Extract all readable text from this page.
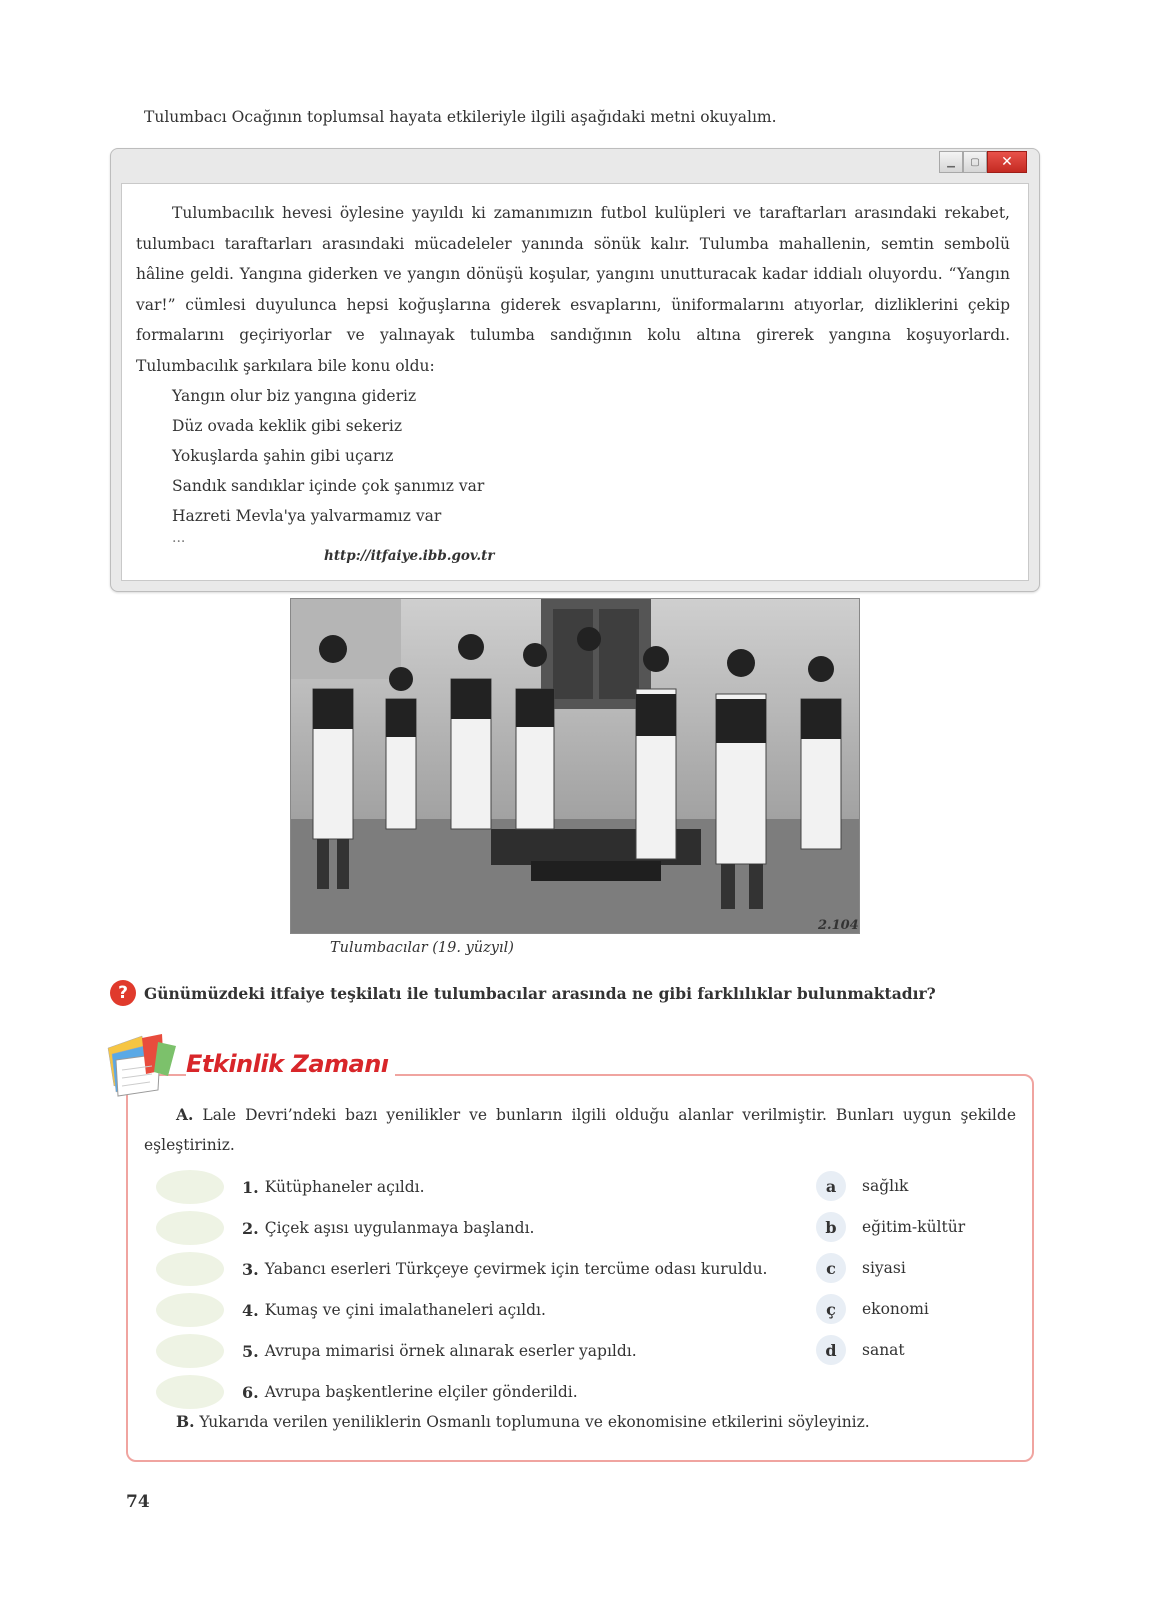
Tulumbacı Ocağının toplumsal hayata etkileriyle ilgili aşağıdaki metni okuyalım.
▁	▢	✕

Tulumbacılık hevesi öylesine yayıldı ki zamanımızın futbol kulüpleri ve taraftarları arasındaki rekabet, tulumbacı taraftarları arasındaki mücadeleler yanında sönük kalır. Tulumba mahallenin, semtin sembolü hâline geldi. Yangına giderken ve yangın dönüşü koşular, yangını unutturacak kadar iddialı oluyordu. “Yangın var!” cümlesi duyulunca hepsi koğuşlarına giderek esvaplarını, üniformalarını atıyorlar, dizliklerini çekip formalarını geçiriyorlar ve yalınayak tulumba sandığının kolu altına girerek yangına koşuyorlardı. Tulumbacılık şarkılara bile konu oldu:

Yangın olur biz yangına gideriz
Düz ovada keklik gibi sekeriz
Yokuşlarda şahin gibi uçarız
Sandık sandıklar içinde çok şanımız var
Hazreti Mevla'ya yalvarmamız var
...
http://itfaiye.ibb.gov.tr
2.104
Tulumbacılar (19. yüzyıl)
?	Günümüzdeki itfaiye teşkilatı ile tulumbacılar arasında ne gibi farklılıklar bulunmaktadır?
Etkinlik Zamanı

A. Lale Devri’ndeki bazı yenilikler ve bunların ilgili olduğu alanlar verilmiştir. Bunları uygun şekilde eşleştiriniz.

1. Kütüphaneler açıldı.
2. Çiçek aşısı uygulanmaya başlandı.
3. Yabancı eserleri Türkçeye çevirmek için tercüme odası kuruldu.
4. Kumaş ve çini imalathaneleri açıldı.
5. Avrupa mimarisi örnek alınarak eserler yapıldı.
6. Avrupa başkentlerine elçiler gönderildi.
a	sağlık
b	eğitim-kültür
c	siyasi
ç	ekonomi
d	sanat
B. Yukarıda verilen yeniliklerin Osmanlı toplumuna ve ekonomisine etkilerini söyleyiniz.
74
